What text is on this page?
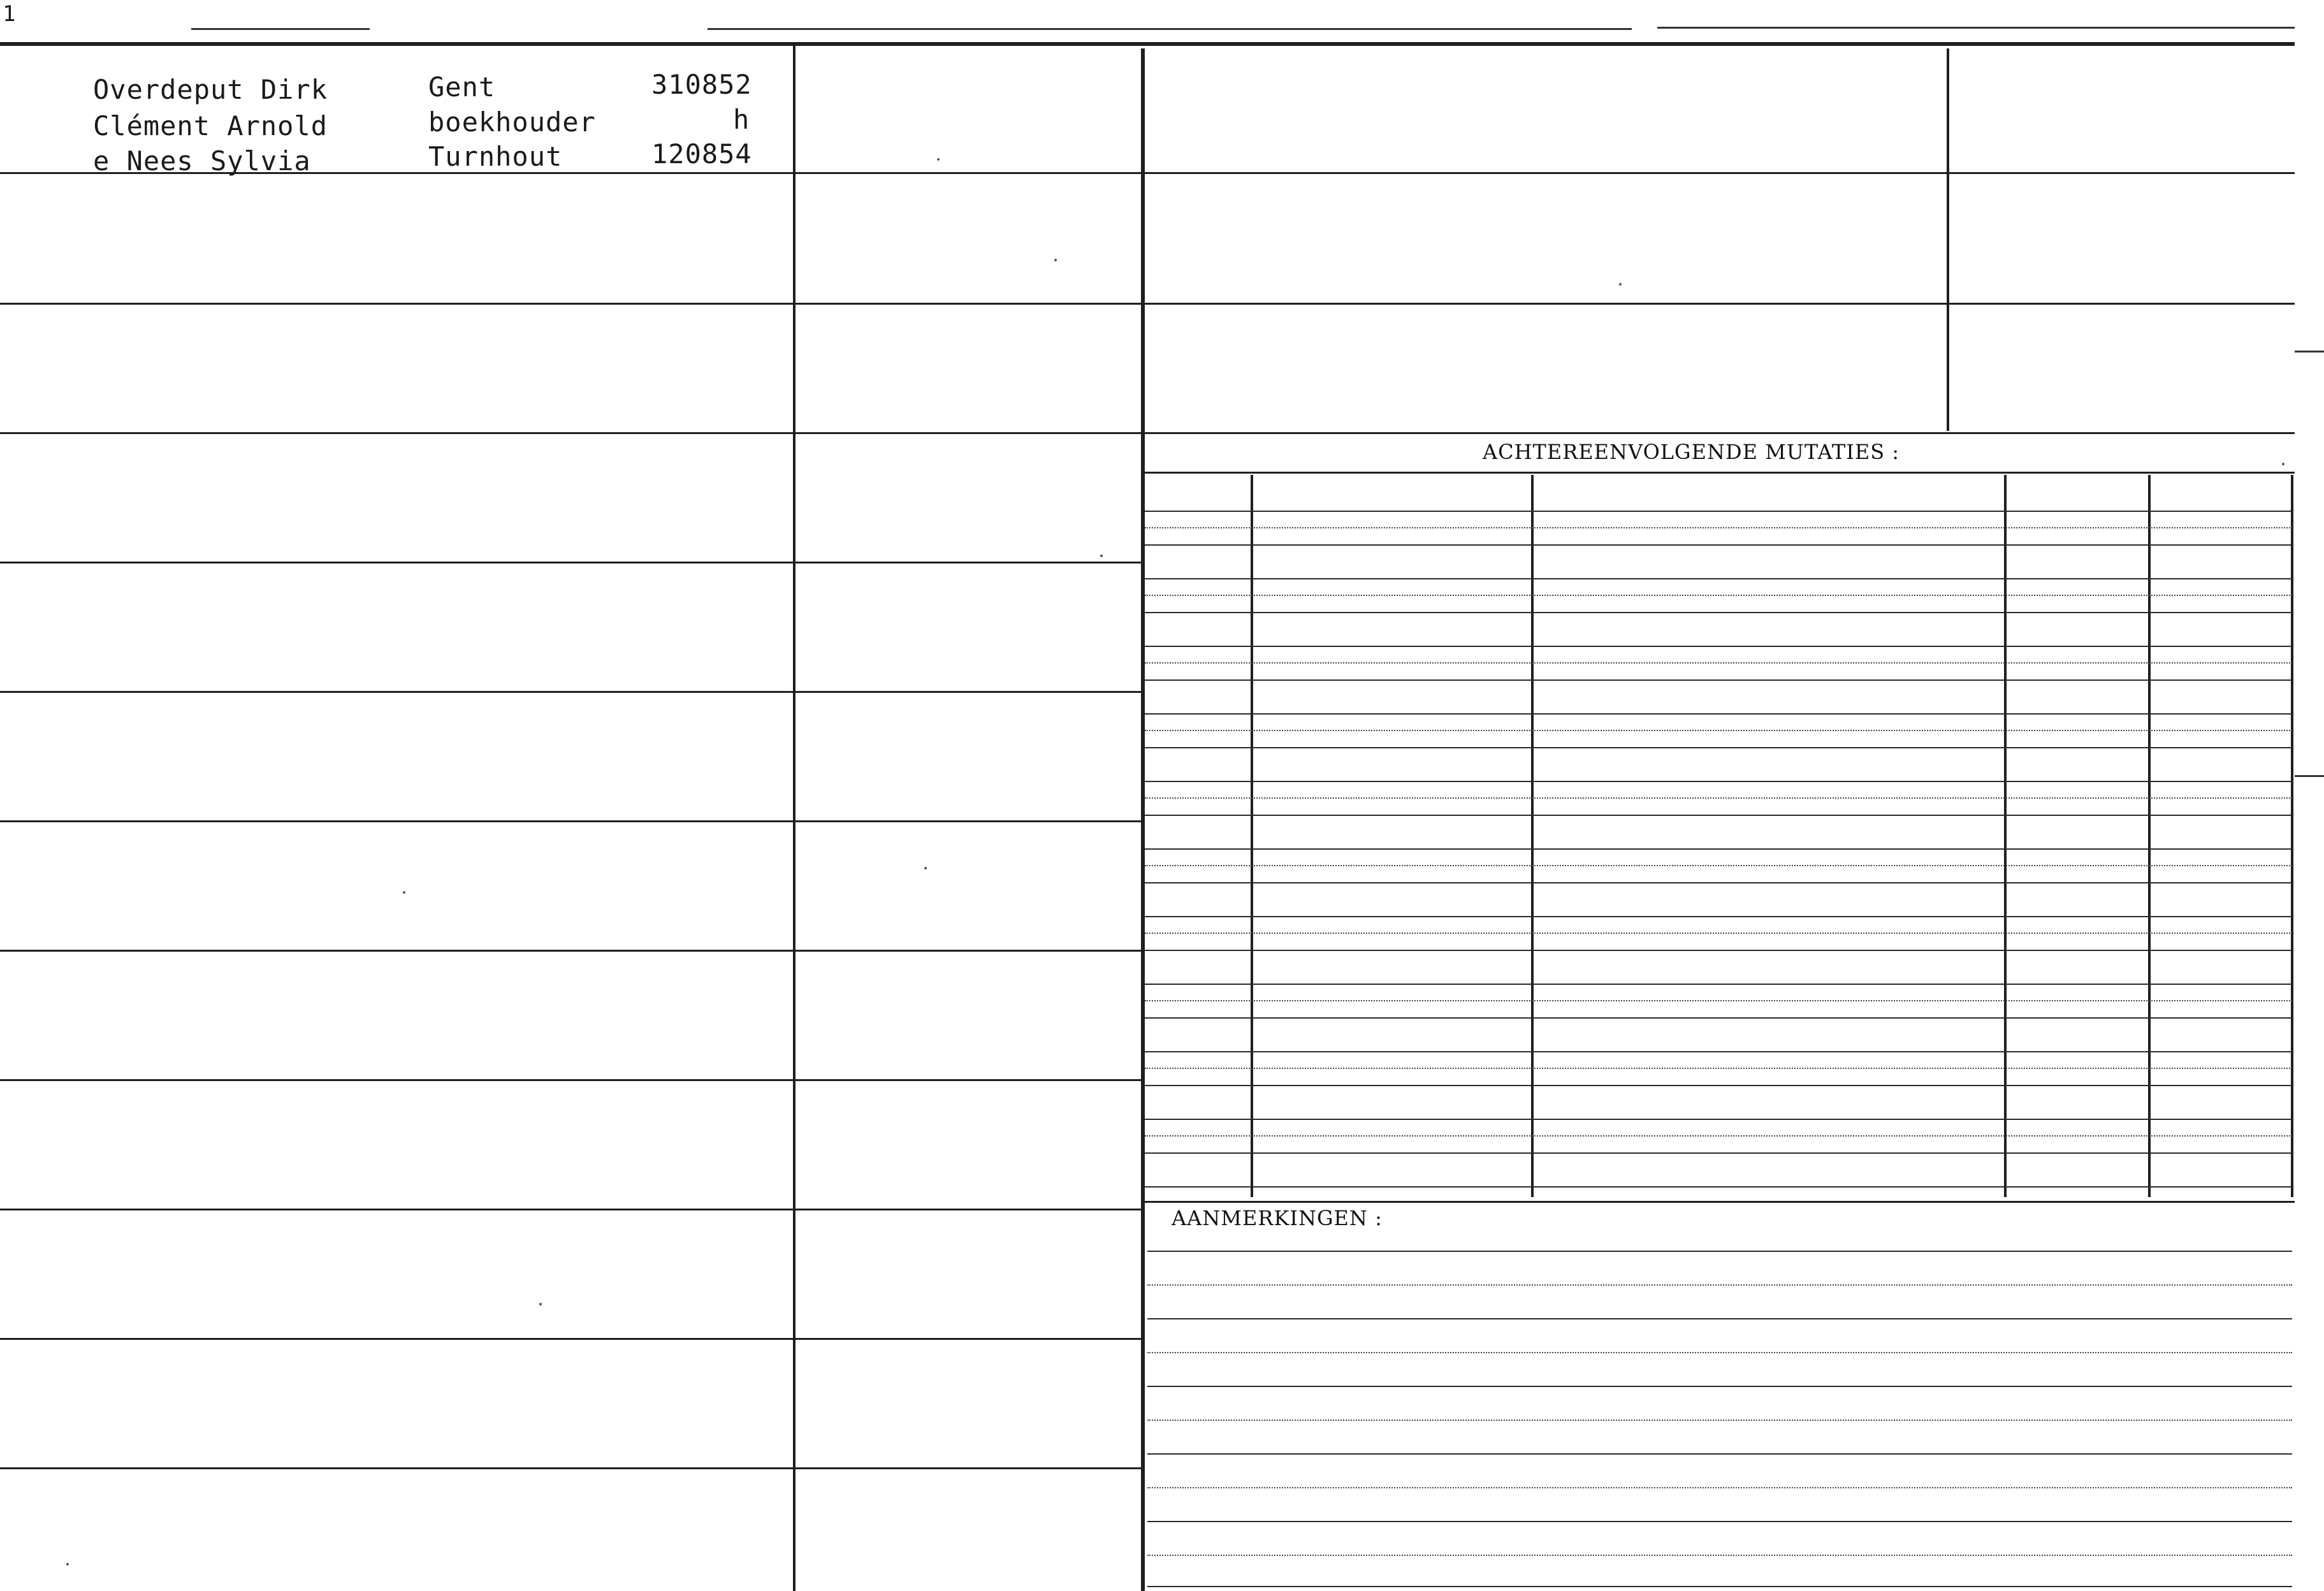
1
Overdeput Dirk	Gent	310852
Clément Arnold	boekhouder	h
e Nees Sylvia	Turnhout	120854
ACHTEREENVOLGENDE MUTATIES :
AANMERKINGEN :
